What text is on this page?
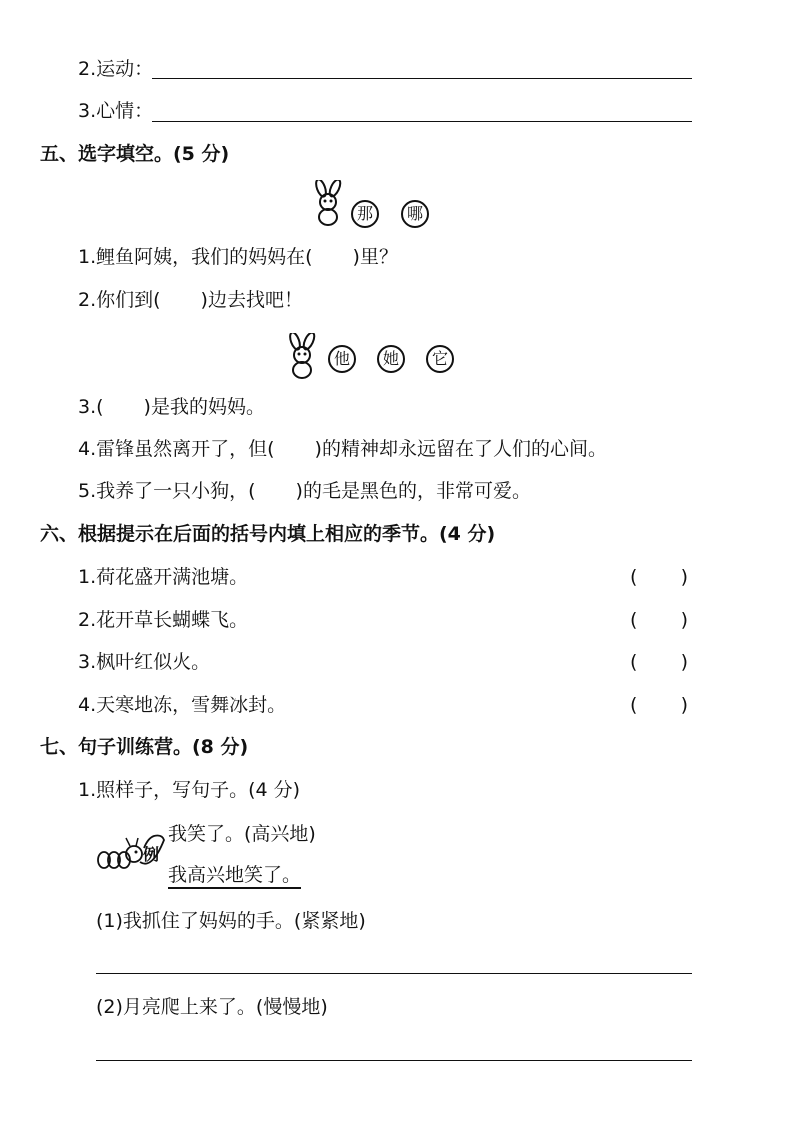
2.运动：
3.心情：
五、选字填空。(5 分)
那	哪
1.鲤鱼阿姨，我们的妈妈在( )里？
2.你们到( )边去找吧！
他	她	它
3.( )是我的妈妈。
4.雷锋虽然离开了，但( )的精神却永远留在了人们的心间。
5.我养了一只小狗，( )的毛是黑色的，非常可爱。
六、根据提示在后面的括号内填上相应的季节。(4 分)
1.荷花盛开满池塘。	( )
2.花开草长蝴蝶飞。	( )
3.枫叶红似火。	( )
4.天寒地冻，雪舞冰封。	( )
七、句子训练营。(8 分)
1.照样子，写句子。(4 分)
例
我笑了。(高兴地)
我高兴地笑了。
(1)我抓住了妈妈的手。(紧紧地)
(2)月亮爬上来了。(慢慢地)
